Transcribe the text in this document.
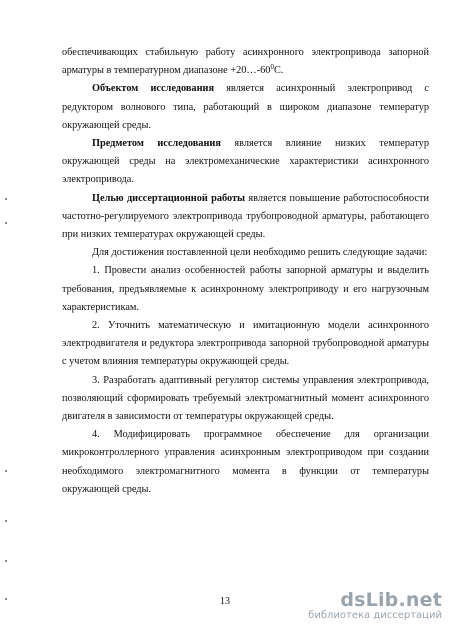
обеспечивающих стабильную работу асинхронного электропривода запорной арматуры в температурном диапазоне $+20\dots-60^0С$.

Объектом исследования является асинхронный электропривод с редуктором волнового типа, работающий в широком диапазоне температур окружающей среды.

Предметом исследования является влияние низких температур окружающей среды на электромеханические характеристики асинхронного электропривода.

Целью диссертационной работы является повышение работоспособности частотно-регулируемого электропривода трубопроводной арматуры, работающего при низких температурах окружающей среды.

Для достижения поставленной цели необходимо решить следующие задачи:

1. Провести анализ особенностей работы запорной арматуры и выделить требования, предъявляемые к асинхронному электроприводу и его нагрузочным характеристикам.

2. Уточнить математическую и имитационную модели асинхронного электродвигателя и редуктора электропривода запорной трубопроводной арматуры с учетом влияния температуры окружающей среды.

3. Разработать адаптивный регулятор системы управления электропривода, позволяющий сформировать требуемый электромагнитный момент асинхронного двигателя в зависимости от температуры окружающей среды.

4. Модифицировать программное обеспечение для организации микроконтроллерного управления асинхронным электроприводом при создании необходимого электромагнитного момента в функции от температуры окружающей среды.

13	dsLib.net
библиотека диссертаций
